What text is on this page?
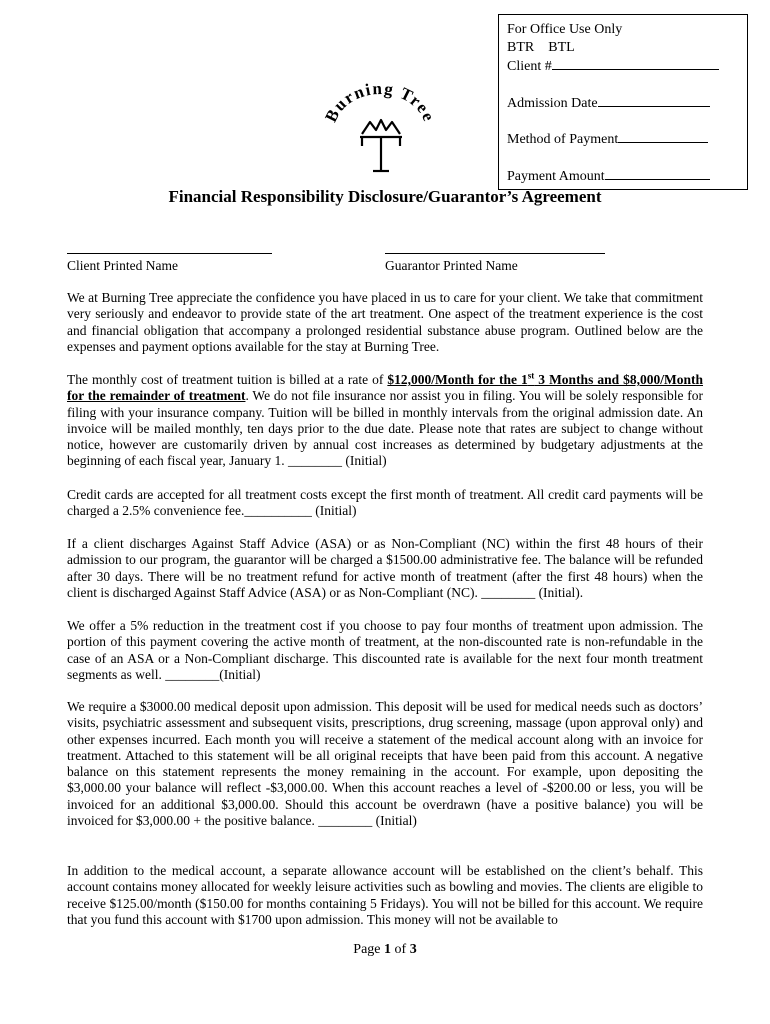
For Office Use Only
BTR    BTL
Client #
Admission Date
Method of Payment
Payment Amount
Burning Tree
Financial Responsibility Disclosure/Guarantor’s Agreement
Client Printed Name	Guarantor Printed Name
We at Burning Tree appreciate the confidence you have placed in us to care for your client. We take that commitment very seriously and endeavor to provide state of the art treatment. One aspect of the treatment experience is the cost and financial obligation that accompany a prolonged residential substance abuse program. Outlined below are the expenses and payment options available for the stay at Burning Tree.
The monthly cost of treatment tuition is billed at a rate of $12,000/Month for the 1st 3 Months and $8,000/Month for the remainder of treatment. We do not file insurance nor assist you in filing. You will be solely responsible for filing with your insurance company. Tuition will be billed in monthly intervals from the original admission date. An invoice will be mailed monthly, ten days prior to the due date. Please note that rates are subject to change without notice, however are customarily driven by annual cost increases as determined by budgetary adjustments at the beginning of each fiscal year, January 1. ________ (Initial)
Credit cards are accepted for all treatment costs except the first month of treatment. All credit card payments will be charged a 2.5% convenience fee.__________ (Initial)
If a client discharges Against Staff Advice (ASA) or as Non-Compliant (NC) within the first 48 hours of their admission to our program, the guarantor will be charged a $1500.00 administrative fee. The balance will be refunded after 30 days. There will be no treatment refund for active month of treatment (after the first 48 hours) when the client is discharged Against Staff Advice (ASA) or as Non-Compliant (NC). ________ (Initial).
We offer a 5% reduction in the treatment cost if you choose to pay four months of treatment upon admission. The portion of this payment covering the active month of treatment, at the non-discounted rate is non-refundable in the case of an ASA or a Non-Compliant discharge. This discounted rate is available for the next four month treatment segments as well. ________(Initial)
We require a $3000.00 medical deposit upon admission. This deposit will be used for medical needs such as doctors’ visits, psychiatric assessment and subsequent visits, prescriptions, drug screening, massage (upon approval only) and other expenses incurred. Each month you will receive a statement of the medical account along with an invoice for treatment. Attached to this statement will be all original receipts that have been paid from this account. A negative balance on this statement represents the money remaining in the account. For example, upon depositing the $3,000.00 your balance will reflect -$3,000.00. When this account reaches a level of -$200.00 or less, you will be invoiced for an additional $3,000.00. Should this account be overdrawn (have a positive balance) you will be invoiced for $3,000.00 + the positive balance. ________ (Initial)
In addition to the medical account, a separate allowance account will be established on the client’s behalf. This account contains money allocated for weekly leisure activities such as bowling and movies. The clients are eligible to receive $125.00/month ($150.00 for months containing 5 Fridays). You will not be billed for this account. We require that you fund this account with $1700 upon admission. This money will not be available to
Page 1 of 3
